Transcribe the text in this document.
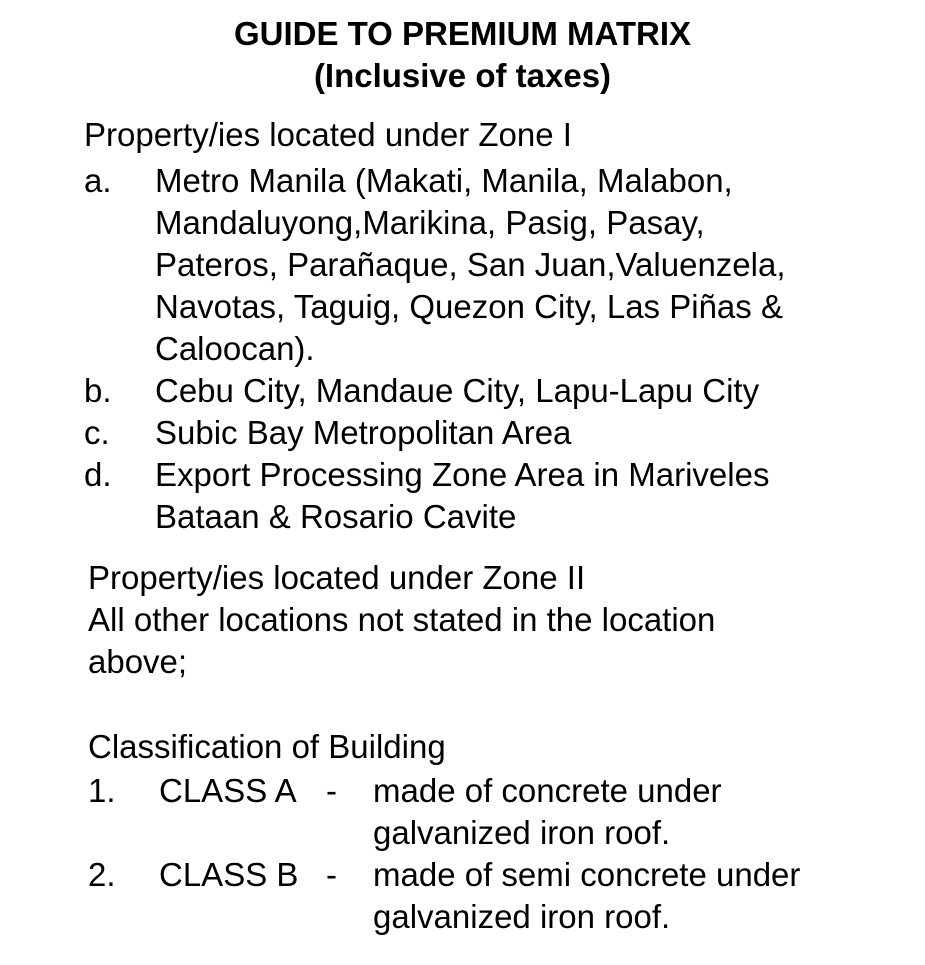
GUIDE TO PREMIUM MATRIX
(Inclusive of taxes)

Property/ies located under Zone I

a.	Metro Manila (Makati, Manila, Malabon,
Mandaluyong,Marikina, Pasig, Pasay,
Pateros, Parañaque, San Juan,Valuenzela,
Navotas, Taguig, Quezon City, Las Piñas &
Caloocan).
b.	Cebu City, Mandaue City, Lapu-Lapu City
c.	Subic Bay Metropolitan Area
d.	Export Processing Zone Area in Mariveles
Bataan & Rosario Cavite

Property/ies located under Zone II

All other locations not stated in the location

above;

Classification of Building

1.	CLASS A -	made of concrete under
galvanized iron roof.
2.	CLASS B -	made of semi concrete under
galvanized iron roof.
